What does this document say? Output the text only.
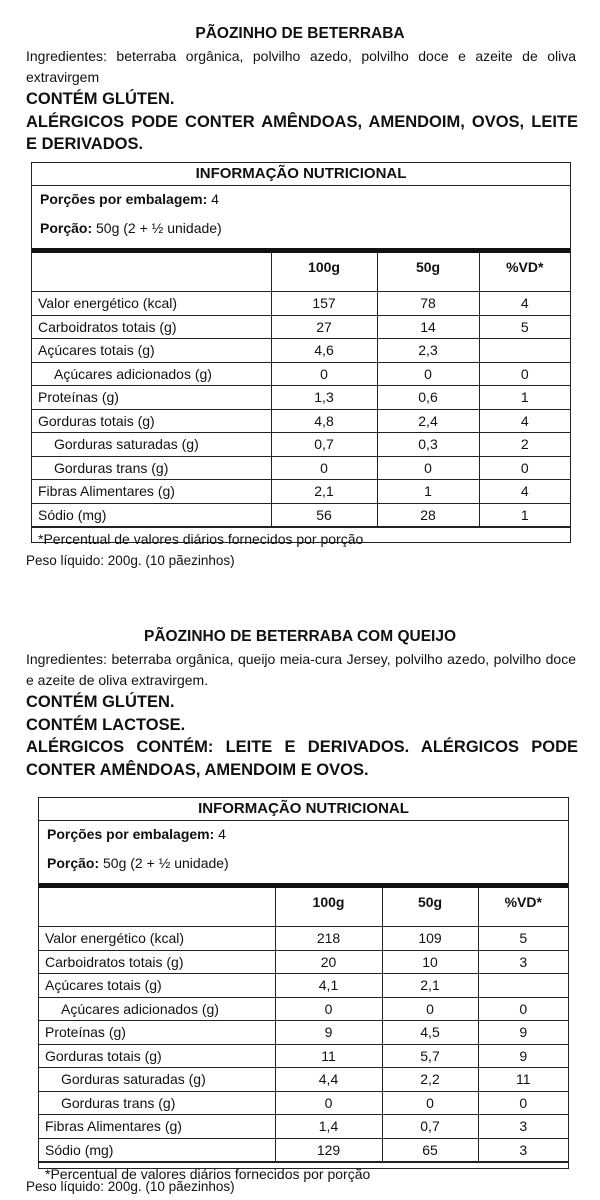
PÃOZINHO DE BETERRABA
Ingredientes: beterraba orgânica, polvilho azedo, polvilho doce e azeite de oliva extravirgem
CONTÉM GLÚTEN.
ALÉRGICOS PODE CONTER AMÊNDOAS, AMENDOIM, OVOS, LEITE E DERIVADOS.
INFORMAÇÃO NUTRICIONAL
Porções por embalagem: 4
Porção: 50g (2 + ½ unidade)
	100g	50g	%VD*
Valor energético (kcal)	157	78	4
Carboidratos totais (g)	27	14	5
Açúcares totais (g)	4,6	2,3	
Açúcares adicionados (g)	0	0	0
Proteínas (g)	1,3	0,6	1
Gorduras totais (g)	4,8	2,4	4
Gorduras saturadas (g)	0,7	0,3	2
Gorduras trans (g)	0	0	0
Fibras Alimentares (g)	2,1	1	4
Sódio (mg)	56	28	1
*Percentual de valores diários fornecidos por porção
Peso líquido: 200g. (10 pãezinhos)
PÃOZINHO DE BETERRABA COM QUEIJO
Ingredientes: beterraba orgânica, queijo meia-cura Jersey, polvilho azedo, polvilho doce e azeite de oliva extravirgem.
CONTÉM GLÚTEN.
CONTÉM LACTOSE.
ALÉRGICOS CONTÉM: LEITE E DERIVADOS. ALÉRGICOS PODE CONTER AMÊNDOAS, AMENDOIM E OVOS.
INFORMAÇÃO NUTRICIONAL
Porções por embalagem: 4
Porção: 50g (2 + ½ unidade)
	100g	50g	%VD*
Valor energético (kcal)	218	109	5
Carboidratos totais (g)	20	10	3
Açúcares totais (g)	4,1	2,1	
Açúcares adicionados (g)	0	0	0
Proteínas (g)	9	4,5	9
Gorduras totais (g)	11	5,7	9
Gorduras saturadas (g)	4,4	2,2	11
Gorduras trans (g)	0	0	0
Fibras Alimentares (g)	1,4	0,7	3
Sódio (mg)	129	65	3
*Percentual de valores diários fornecidos por porção
Peso líquido: 200g. (10 pãezinhos)
